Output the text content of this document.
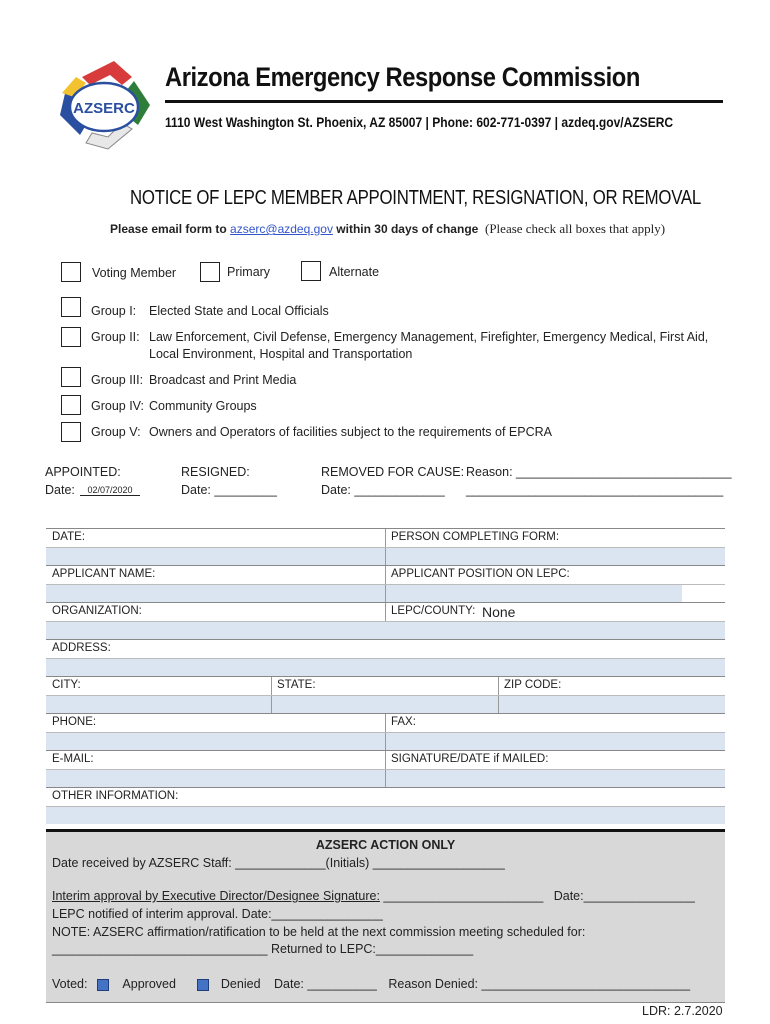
AZSERC
Arizona Emergency Response Commission
1110 West Washington St. Phoenix, AZ 85007 | Phone: 602-771-0397 | azdeq.gov/AZSERC
NOTICE OF LEPC MEMBER APPOINTMENT, RESIGNATION, OR REMOVAL
Please email form to azserc@azdeq.gov within 30 days of change (Please check all boxes that apply)
Voting Member	Primary	Alternate
Group I: Elected State and Local Officials
Group II: Law Enforcement, Civil Defense, Emergency Management, Firefighter, Emergency Medical, First Aid, Local Environment, Hospital and Transportation
Group III: Broadcast and Print Media
Group IV: Community Groups
Group V: Owners and Operators of facilities subject to the requirements of EPCRA
APPOINTED:
Date:	02/07/2020
RESIGNED:
Date: _________
REMOVED FOR CAUSE:
Date: _____________
Reason: _______________________________
_____________________________________
DATE:	PERSON COMPLETING FORM:
APPLICANT NAME:	APPLICANT POSITION ON LEPC:
ORGANIZATION:	LEPC/COUNTY: None
ADDRESS:
CITY:	STATE:	ZIP CODE:
PHONE:	FAX:
E-MAIL:	SIGNATURE/DATE if MAILED:
OTHER INFORMATION:
AZSERC ACTION ONLY
Date received by AZSERC Staff: _____________(Initials) ___________________
Interim approval by Executive Director/Designee Signature: _______________________   Date:________________
LEPC notified of interim approval. Date:________________
NOTE: AZSERC affirmation/ratification to be held at the next commission meeting scheduled for:
_______________________________ Returned to LEPC:______________
Voted:	Approved	Denied Date: __________ Reason Denied: ______________________________
LDR: 2.7.2020
